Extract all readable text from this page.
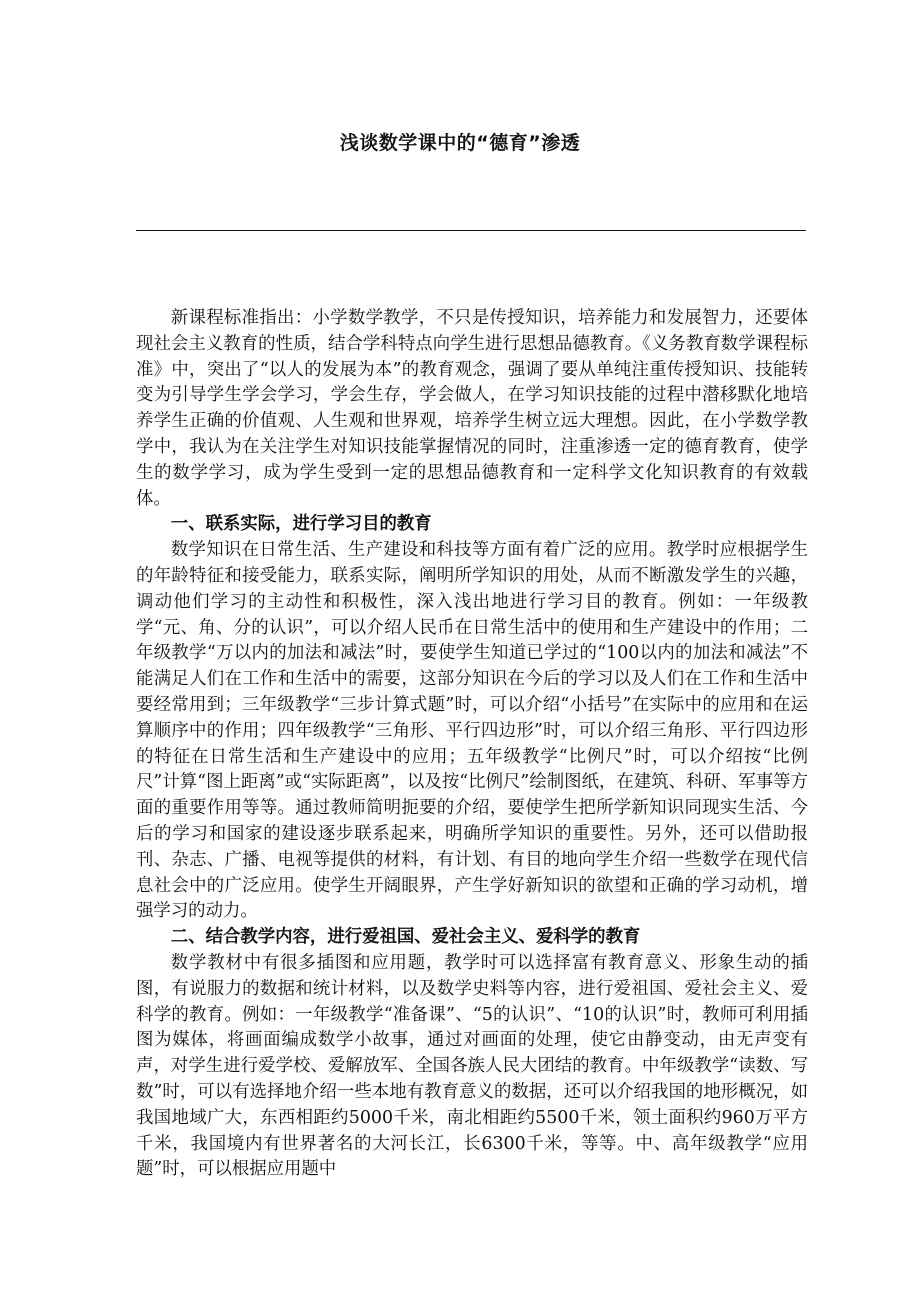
浅谈数学课中的“德育”渗透

新课程标准指出：小学数学教学，不只是传授知识，培养能力和发展智力，还要体现社会主义教育的性质，结合学科特点向学生进行思想品德教育。《义务教育数学课程标准》中，突出了“以人的发展为本”的教育观念，强调了要从单纯注重传授知识、技能转变为引导学生学会学习，学会生存，学会做人，在学习知识技能的过程中潜移默化地培养学生正确的价值观、人生观和世界观，培养学生树立远大理想。因此，在小学数学教学中，我认为在关注学生对知识技能掌握情况的同时，注重渗透一定的德育教育，使学生的数学学习，成为学生受到一定的思想品德教育和一定科学文化知识教育的有效载体。

一、联系实际，进行学习目的教育

数学知识在日常生活、生产建设和科技等方面有着广泛的应用。教学时应根据学生的年龄特征和接受能力，联系实际，阐明所学知识的用处，从而不断激发学生的兴趣，调动他们学习的主动性和积极性，深入浅出地进行学习目的教育。例如：一年级教学“元、角、分的认识”，可以介绍人民币在日常生活中的使用和生产建设中的作用；二年级教学“万以内的加法和减法”时，要使学生知道已学过的“100以内的加法和减法”不能满足人们在工作和生活中的需要，这部分知识在今后的学习以及人们在工作和生活中要经常用到；三年级教学“三步计算式题”时，可以介绍“小括号”在实际中的应用和在运算顺序中的作用；四年级教学“三角形、平行四边形”时，可以介绍三角形、平行四边形的特征在日常生活和生产建设中的应用；五年级教学“比例尺”时，可以介绍按“比例尺”计算“图上距离”或“实际距离”，以及按“比例尺”绘制图纸，在建筑、科研、军事等方面的重要作用等等。通过教师简明扼要的介绍，要使学生把所学新知识同现实生活、今后的学习和国家的建设逐步联系起来，明确所学知识的重要性。另外，还可以借助报刊、杂志、广播、电视等提供的材料，有计划、有目的地向学生介绍一些数学在现代信息社会中的广泛应用。使学生开阔眼界，产生学好新知识的欲望和正确的学习动机，增强学习的动力。

二、结合教学内容，进行爱祖国、爱社会主义、爱科学的教育

数学教材中有很多插图和应用题，教学时可以选择富有教育意义、形象生动的插图，有说服力的数据和统计材料，以及数学史料等内容，进行爱祖国、爱社会主义、爱科学的教育。例如：一年级教学“准备课”、“5的认识”、“10的认识”时，教师可利用插图为媒体，将画面编成数学小故事，通过对画面的处理，使它由静变动，由无声变有声，对学生进行爱学校、爱解放军、全国各族人民大团结的教育。中年级教学“读数、写数”时，可以有选择地介绍一些本地有教育意义的数据，还可以介绍我国的地形概况，如我国地域广大，东西相距约5000千米，南北相距约5500千米，领土面积约960万平方千米，我国境内有世界著名的大河长江，长6300千米，等等。中、高年级教学“应用题”时，可以根据应用题中
